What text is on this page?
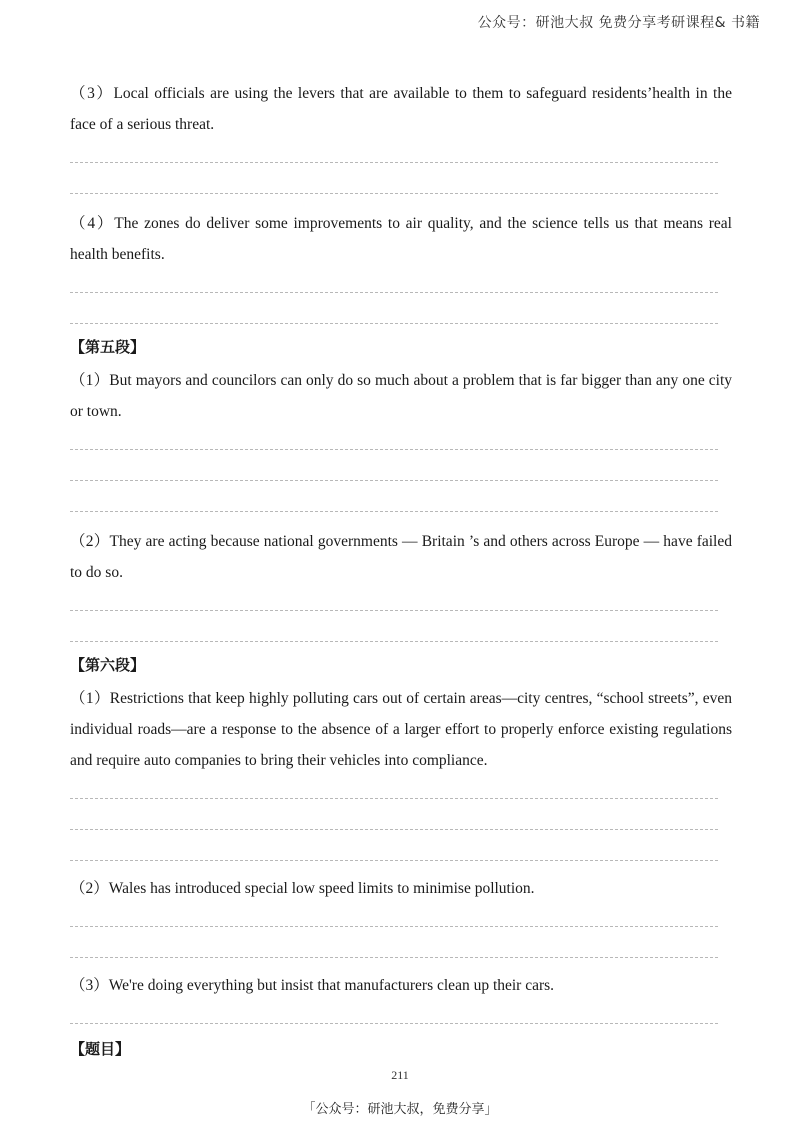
公众号：研池大叔 免费分享考研课程& 书籍

（3）Local officials are using the levers that are available to them to safeguard residents’health in the face of a serious threat.

（4）The zones do deliver some improvements to air quality, and the science tells us that means real health benefits.

【第五段】

（1）But mayors and councilors can only do so much about a problem that is far bigger than any one city or town.

（2）They are acting because national governments — Britain ’s and others across Europe — have failed to do so.

【第六段】

（1）Restrictions that keep highly polluting cars out of certain areas—city centres, “school streets”, even individual roads—are a response to the absence of a larger effort to properly enforce existing regulations and require auto companies to bring their vehicles into compliance.

（2）Wales has introduced special low speed limits to minimise pollution.

（3）We're doing everything but insist that manufacturers clean up their cars.

【题目】

211
「公众号：研池大叔，免费分享」
